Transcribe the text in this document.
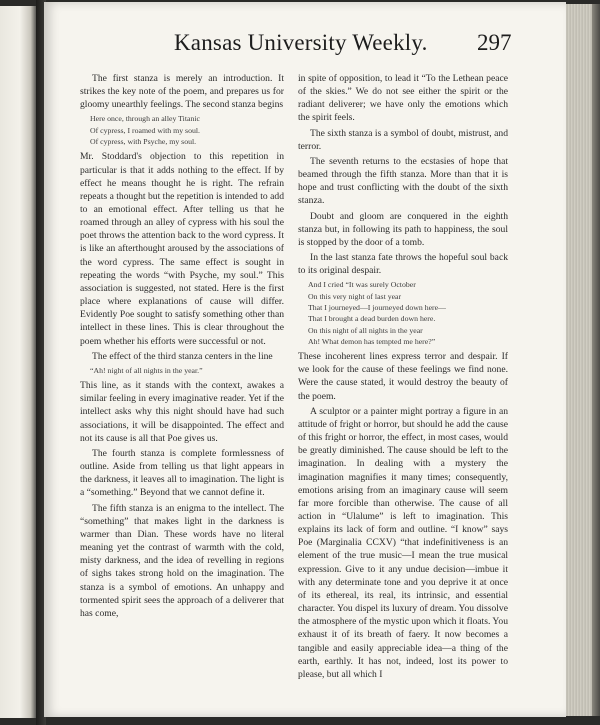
Kansas University Weekly. 297

The first stanza is merely an introduction. It strikes the key note of the poem, and prepares us for gloomy unearthly feelings. The second stanza begins

Here once, through an alley Titanic
Of cypress, I roamed with my soul.
Of cypress, with Psyche, my soul.

Mr. Stoddard's objection to this repetition in particular is that it adds nothing to the effect. If by effect he means thought he is right. The refrain repeats a thought but the repetition is intended to add to an emotional effect. After telling us that he roamed through an alley of cypress with his soul the poet throws the attention back to the word cypress. It is like an afterthought aroused by the associations of the word cypress. The same effect is sought in repeating the words “with Psyche, my soul.” This association is suggested, not stated. Here is the first place where explanations of cause will differ. Evidently Poe sought to satisfy something other than intellect in these lines. This is clear throughout the poem whether his efforts were successful or not.

The effect of the third stanza centers in the line

“Ah! night of all nights in the year.”

This line, as it stands with the context, awakes a similar feeling in every imaginative reader. Yet if the intellect asks why this night should have had such associations, it will be disappointed. The effect and not its cause is all that Poe gives us.

The fourth stanza is complete formlessness of outline. Aside from telling us that light appears in the darkness, it leaves all to imagination. The light is a “something.” Beyond that we cannot define it.

The fifth stanza is an enigma to the intellect. The “something” that makes light in the darkness is warmer than Dian. These words have no literal meaning yet the contrast of warmth with the cold, misty darkness, and the idea of revelling in regions of sighs takes strong hold on the imagination. The stanza is a symbol of emotions. An unhappy and tormented spirit sees the approach of a deliverer that has come,

in spite of opposition, to lead it “To the Lethean peace of the skies.” We do not see either the spirit or the radiant deliverer; we have only the emotions which the spirit feels.

The sixth stanza is a symbol of doubt, mistrust, and terror.

The seventh returns to the ecstasies of hope that beamed through the fifth stanza. More than that it is hope and trust conflicting with the doubt of the sixth stanza.

Doubt and gloom are conquered in the eighth stanza but, in following its path to happiness, the soul is stopped by the door of a tomb.

In the last stanza fate throws the hopeful soul back to its original despair.

And I cried “It was surely October
On this very night of last year
That I journeyed—I journeyed down here—
That I brought a dead burden down here.
On this night of all nights in the year
Ah! What demon has tempted me here?”

These incoherent lines express terror and despair. If we look for the cause of these feelings we find none. Were the cause stated, it would destroy the beauty of the poem.

A sculptor or a painter might portray a figure in an attitude of fright or horror, but should he add the cause of this fright or horror, the effect, in most cases, would be greatly diminished. The cause should be left to the imagination. In dealing with a mystery the imagination magnifies it many times; consequently, emotions arising from an imaginary cause will seem far more forcible than otherwise. The cause of all action in “Ulalume” is left to imagination. This explains its lack of form and outline. “I know” says Poe (Marginalia CCXV) “that indefinitiveness is an element of the true music—I mean the true musical expression. Give to it any undue decision—imbue it with any determinate tone and you deprive it at once of its ethereal, its real, its intrinsic, and essential character. You dispel its luxury of dream. You dissolve the atmosphere of the mystic upon which it floats. You exhaust it of its breath of faery. It now becomes a tangible and easily appreciable idea—a thing of the earth, earthly. It has not, indeed, lost its power to please, but all which I
